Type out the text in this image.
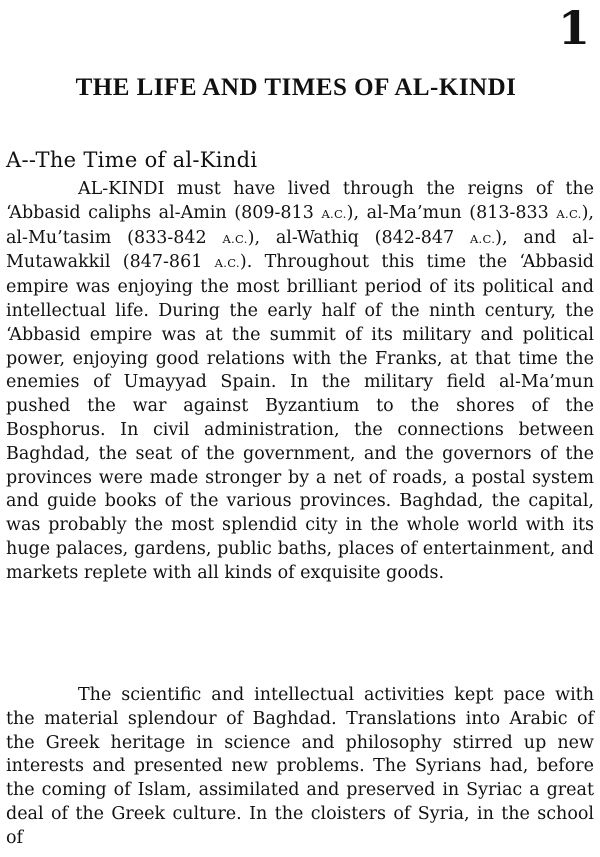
1
THE LIFE AND TIMES OF AL-KINDI
A--The Time of al-Kindi

AL-KINDI must have lived through the reigns of the ‘Abbasid caliphs al-Amin (809-813 A.C.), al-Ma’mun (813-833 A.C.), al-Mu’tasim (833-842 A.C.), al-Wathiq (842-847 A.C.), and al-Mutawakkil (847-861 A.C.). Throughout this time the ‘Abbasid empire was enjoying the most brilliant period of its political and intellectual life. During the early half of the ninth century, the ‘Abbasid empire was at the summit of its military and political power, enjoying good relations with the Franks, at that time the enemies of Umayyad Spain. In the military field al-Ma’mun pushed the war against Byzantium to the shores of the Bosphorus. In civil administration, the connections between Baghdad, the seat of the government, and the governors of the provinces were made stronger by a net of roads, a postal system and guide books of the various provinces. Baghdad, the capital, was probably the most splendid city in the whole world with its huge palaces, gardens, public baths, places of entertainment, and markets replete with all kinds of exquisite goods.

The scientific and intellectual activities kept pace with the material splendour of Baghdad. Translations into Arabic of the Greek heritage in science and philosophy stirred up new interests and presented new problems. The Syrians had, before the coming of Islam, assimilated and preserved in Syriac a great deal of the Greek culture. In the cloisters of Syria, in the school of
